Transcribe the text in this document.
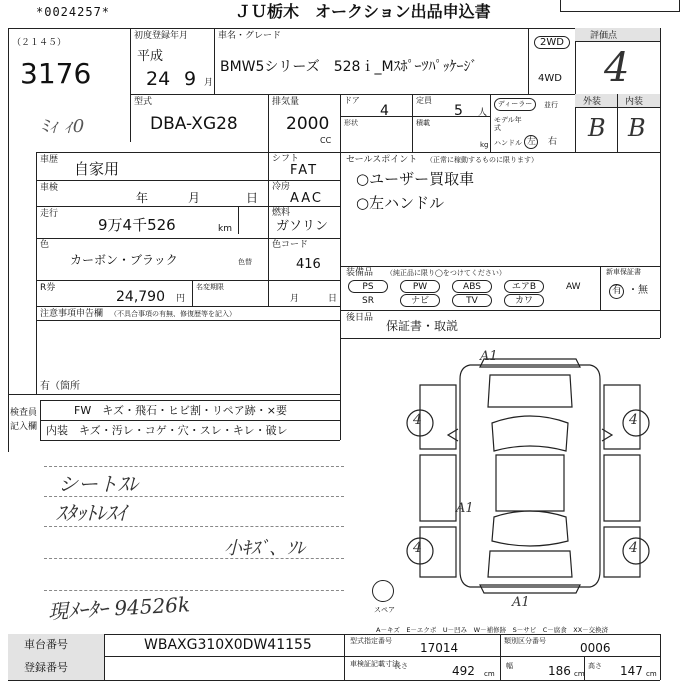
*0024257*	ＪＵ栃木　オークション出品申込書
（２１４５）
3176
ﾐｨ ｨ0
初度登録年月
平成
24 9 月
車名・グレード
BMW5シリーズ　528ｉ_Mｽﾎﾟｰﾂﾊﾟｯｹｰｼﾞ
2WD
4WD
評価点
4
外装	内装
B B
型式
DBA-XG28
排気量
2000
CC
ドア
4
定員
5 人
ディーラー	並行
形状	積載
kg
モデル年式
ハンドル 左 右
車歴 自家用
シフト
FAT
車検
年	月	日
冷房
AAC
走行
9万4千526	km
燃料
ガソリン
色
カーボン・ブラック	色替
色コード
416
R券
24,790 円
名変期限
月	日
注意事項申告欄 （不具合事項の有無、修復歴等を記入）
有（箇所
セールスポイント （正常に稼動するものに限ります）
○ユーザー買取車
○左ハンドル
装備品 （純正品に限り◯をつけてください）	新車保証書
PS	PW	ABS	エアB	AW	有 ・ 無
SR	ナビ	TV	カワ
後日品
保証書・取説
検査員
記入欄
FW　キズ・飛石・ヒビ割・リペア跡・×要
内装　キズ・汚レ・コゲ・穴・スレ・キレ・破レ
シートｽﾚ
ｽﾀｯﾄﾚｽｲ
小ｷｽﾞ、ｿﾚ
現ﾒｰﾀｰ 94526k	スペア
A1
A1
A1
4	4
4	4
A－キズ　E－エクボ　U－凹み　W－補修跡　S－サビ　C－腐食　XX－交換済
車台番号
登録番号
WBAXG310X0DW41155	型式指定番号 17014	類別区分番号	0006
車検証記載寸法
長さ	492 cm
幅	186 cm
高さ 147 cm
